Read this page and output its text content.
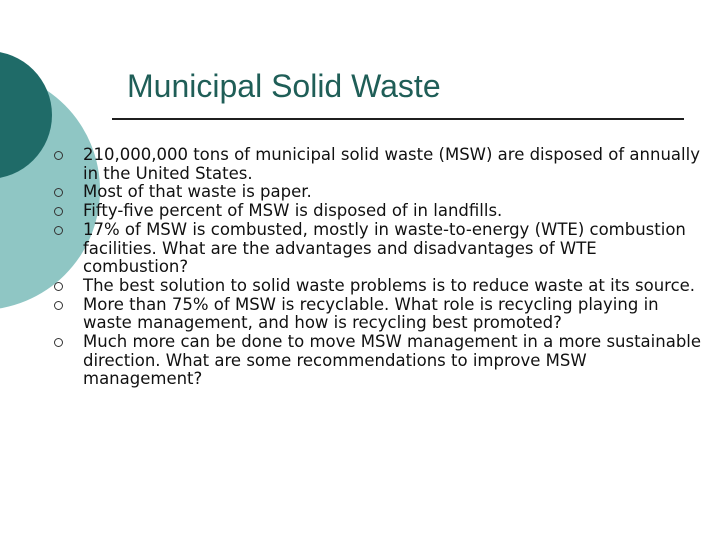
Municipal Solid Waste
210,000,000 tons of municipal solid waste (MSW) are disposed of annually in the United States.
Most of that waste is paper.
Fifty-five percent of MSW is disposed of in landfills.
17% of MSW is combusted, mostly in waste-to-energy (WTE) combustion facilities. What are the advantages and disadvantages of WTE combustion?
The best solution to solid waste problems is to reduce waste at its source.
More than 75% of MSW is recyclable. What role is recycling playing in waste management, and how is recycling best promoted?
Much more can be done to move MSW management in a more sustainable direction. What are some recommendations to improve MSW management?
